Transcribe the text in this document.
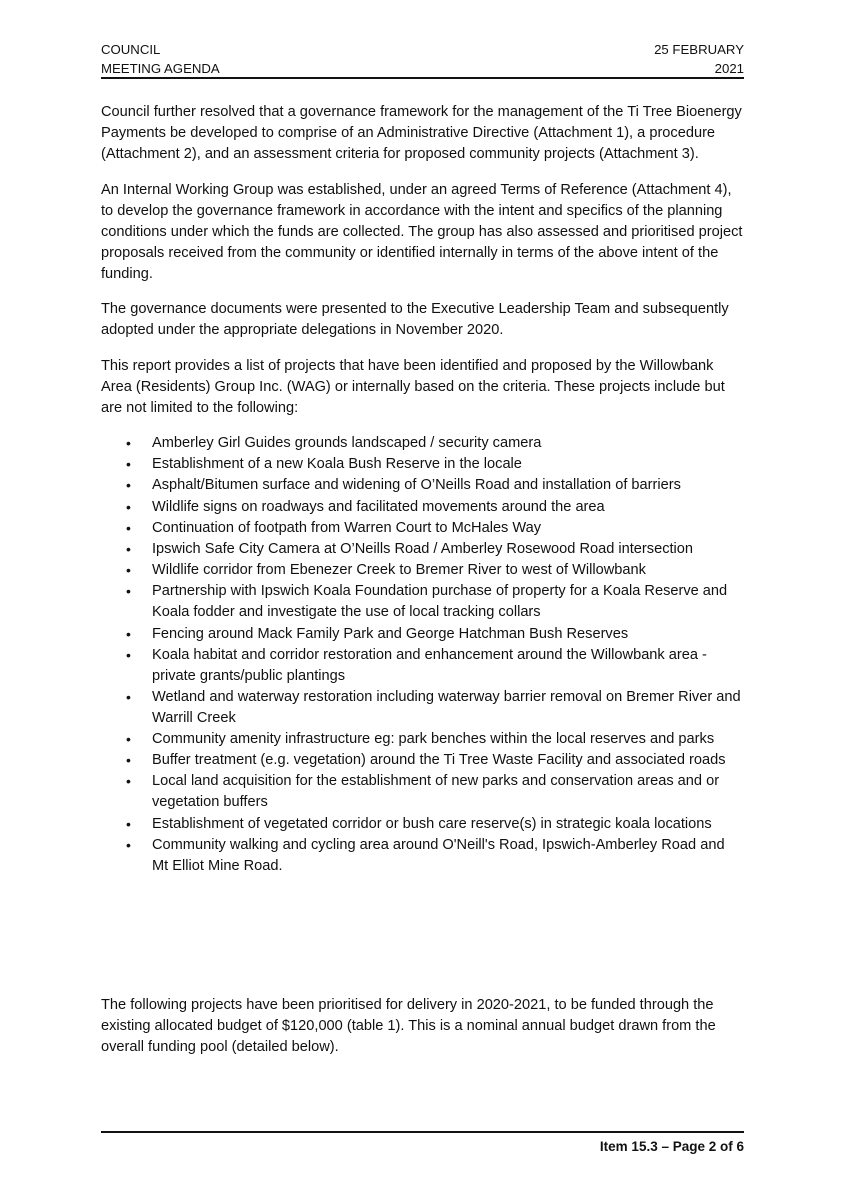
COUNCIL
MEETING AGENDA
25 FEBRUARY
2021

Council further resolved that a governance framework for the management of the Ti Tree Bioenergy Payments be developed to comprise of an Administrative Directive (Attachment 1), a procedure (Attachment 2), and an assessment criteria for proposed community projects (Attachment 3).

An Internal Working Group was established, under an agreed Terms of Reference (Attachment 4), to develop the governance framework in accordance with the intent and specifics of the planning conditions under which the funds are collected. The group has also assessed and prioritised project proposals received from the community or identified internally in terms of the above intent of the funding.

The governance documents were presented to the Executive Leadership Team and subsequently adopted under the appropriate delegations in November 2020.

This report provides a list of projects that have been identified and proposed by the Willowbank Area (Residents) Group Inc. (WAG) or internally based on the criteria. These projects include but are not limited to the following:

• Amberley Girl Guides grounds landscaped / security camera
• Establishment of a new Koala Bush Reserve in the locale
• Asphalt/Bitumen surface and widening of O’Neills Road and installation of barriers
• Wildlife signs on roadways and facilitated movements around the area
• Continuation of footpath from Warren Court to McHales Way
• Ipswich Safe City Camera at O’Neills Road / Amberley Rosewood Road intersection
• Wildlife corridor from Ebenezer Creek to Bremer River to west of Willowbank
• Partnership with Ipswich Koala Foundation purchase of property for a Koala Reserve and Koala fodder and investigate the use of local tracking collars
• Fencing around Mack Family Park and George Hatchman Bush Reserves
• Koala habitat and corridor restoration and enhancement around the Willowbank area - private grants/public plantings
• Wetland and waterway restoration including waterway barrier removal on Bremer River and Warrill Creek
• Community amenity infrastructure eg: park benches within the local reserves and parks
• Buffer treatment (e.g. vegetation) around the Ti Tree Waste Facility and associated roads
• Local land acquisition for the establishment of new parks and conservation areas and or vegetation buffers
• Establishment of vegetated corridor or bush care reserve(s) in strategic koala locations
• Community walking and cycling area around O'Neill's Road, Ipswich-Amberley Road and Mt Elliot Mine Road.
The following projects have been prioritised for delivery in 2020-2021, to be funded through the existing allocated budget of $120,000 (table 1). This is a nominal annual budget drawn from the overall funding pool (detailed below).
Item 15.3 – Page 2 of 6
